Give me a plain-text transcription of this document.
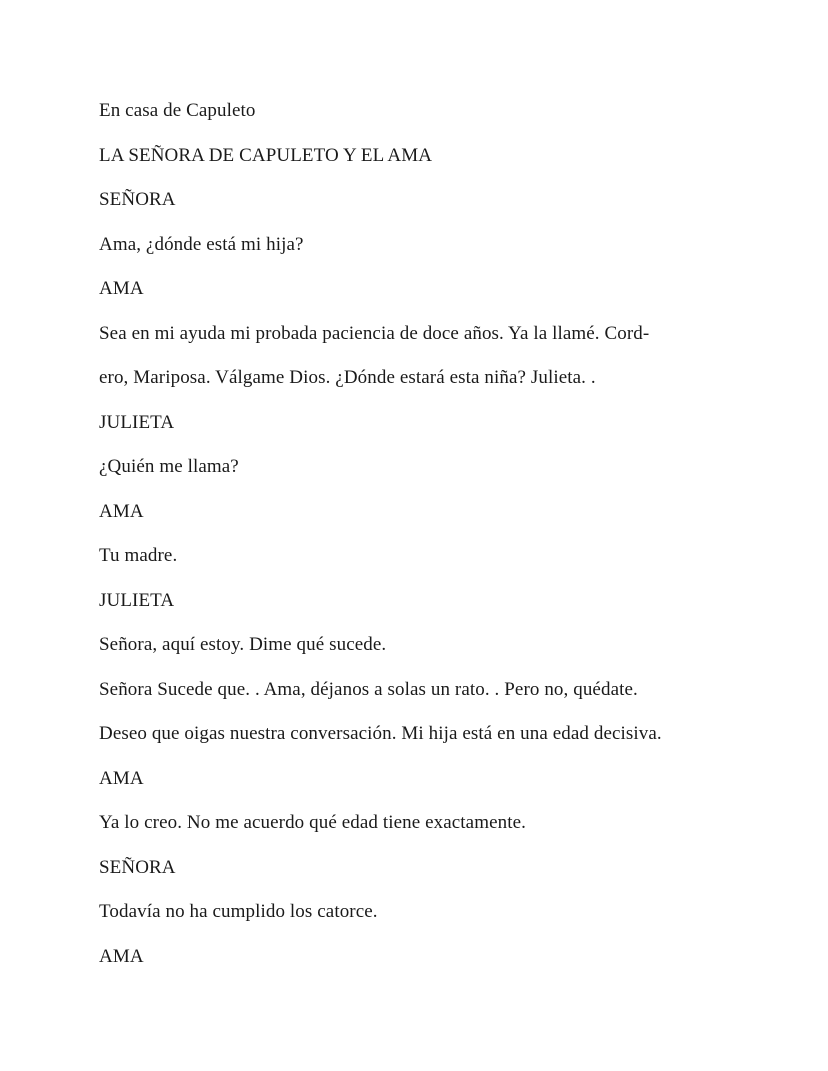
En casa de Capuleto

LA SEÑORA DE CAPULETO Y EL AMA

SEÑORA

Ama, ¿dónde está mi hija?

AMA

Sea en mi ayuda mi probada paciencia de doce años. Ya la llamé. Cord-

ero, Mariposa. Válgame Dios. ¿Dónde estará esta niña? Julieta. .

JULIETA

¿Quién me llama?

AMA

Tu madre.

JULIETA

Señora, aquí estoy. Dime qué sucede.

Señora Sucede que. . Ama, déjanos a solas un rato. . Pero no, quédate.

Deseo que oigas nuestra conversación. Mi hija está en una edad decisiva.

AMA

Ya lo creo. No me acuerdo qué edad tiene exactamente.

SEÑORA

Todavía no ha cumplido los catorce.

AMA
